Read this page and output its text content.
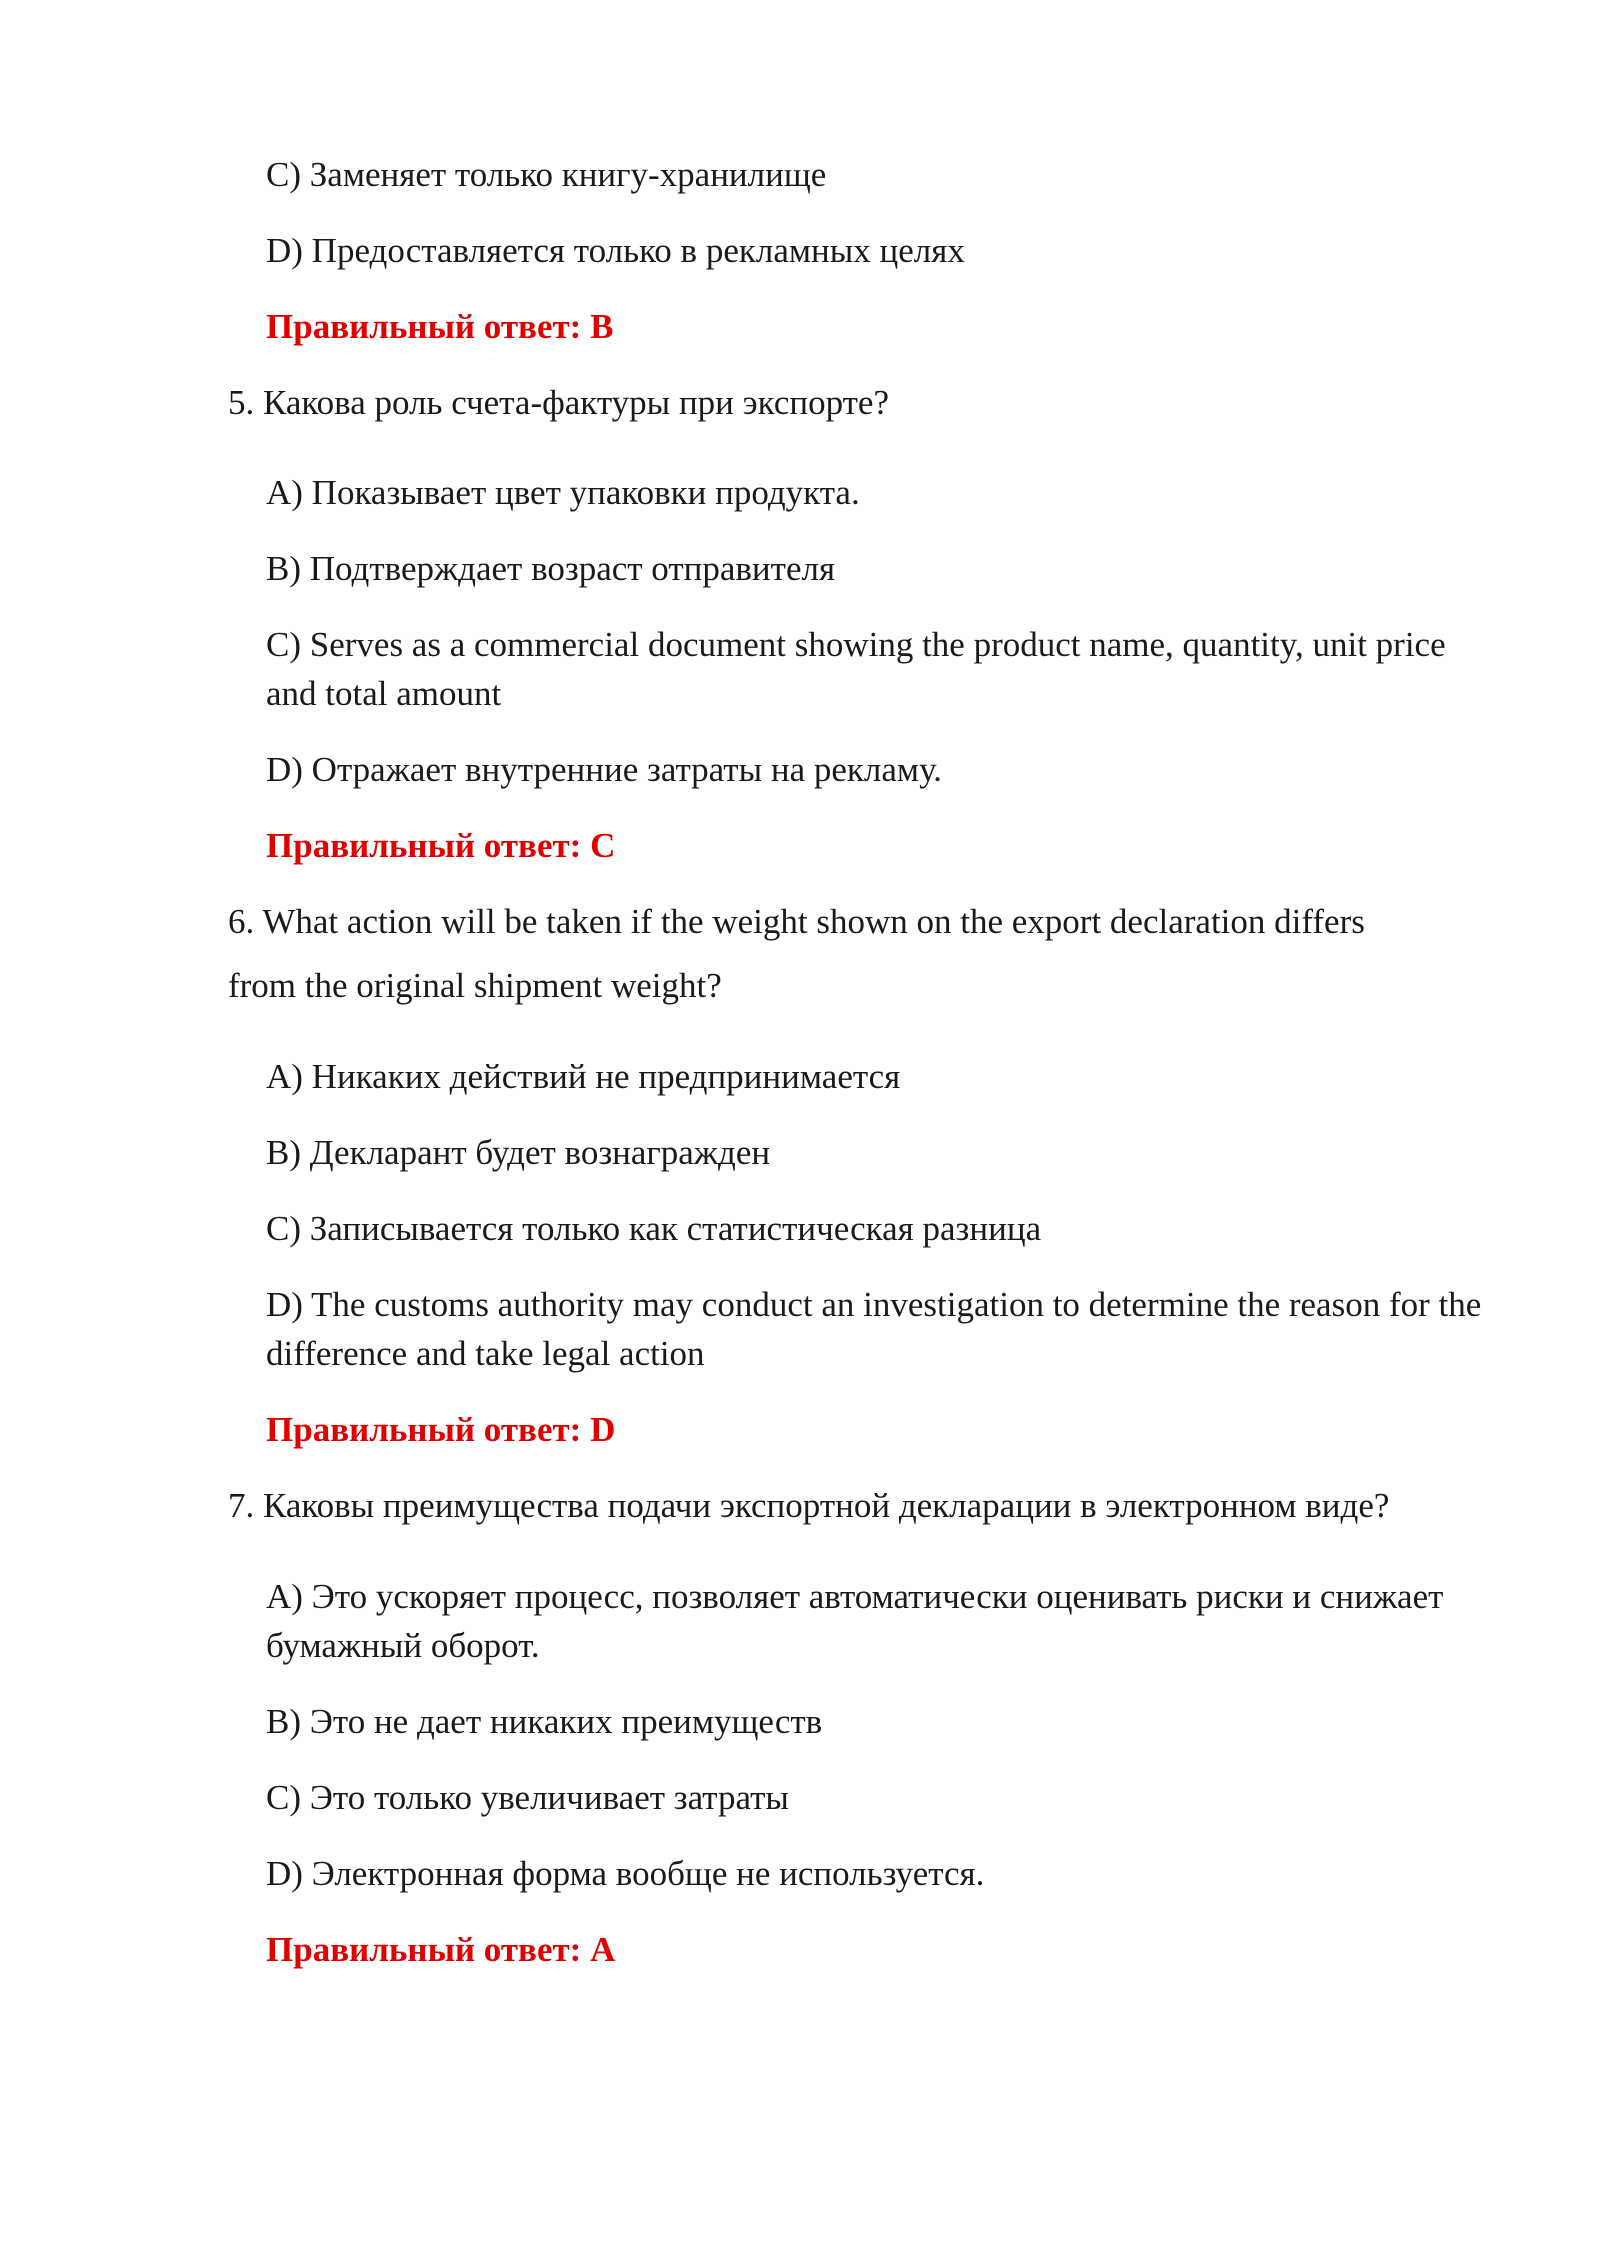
C) Заменяет только книгу-хранилище
D) Предоставляется только в рекламных целях
Правильный ответ: B
5. Какова роль счета-фактуры при экспорте?
A) Показывает цвет упаковки продукта.
B) Подтверждает возраст отправителя
C) Serves as a commercial document showing the product name, quantity, unit price and total amount
D) Отражает внутренние затраты на рекламу.
Правильный ответ: C
6. What action will be taken if the weight shown on the export declaration differs
from the original shipment weight?
A) Никаких действий не предпринимается
B) Декларант будет вознагражден
C) Записывается только как статистическая разница
D) The customs authority may conduct an investigation to determine the reason for the difference and take legal action
Правильный ответ: D
7. Каковы преимущества подачи экспортной декларации в электронном виде?
A) Это ускоряет процесс, позволяет автоматически оценивать риски и снижает бумажный оборот.
B) Это не дает никаких преимуществ
C) Это только увеличивает затраты
D) Электронная форма вообще не используется.
Правильный ответ: A
